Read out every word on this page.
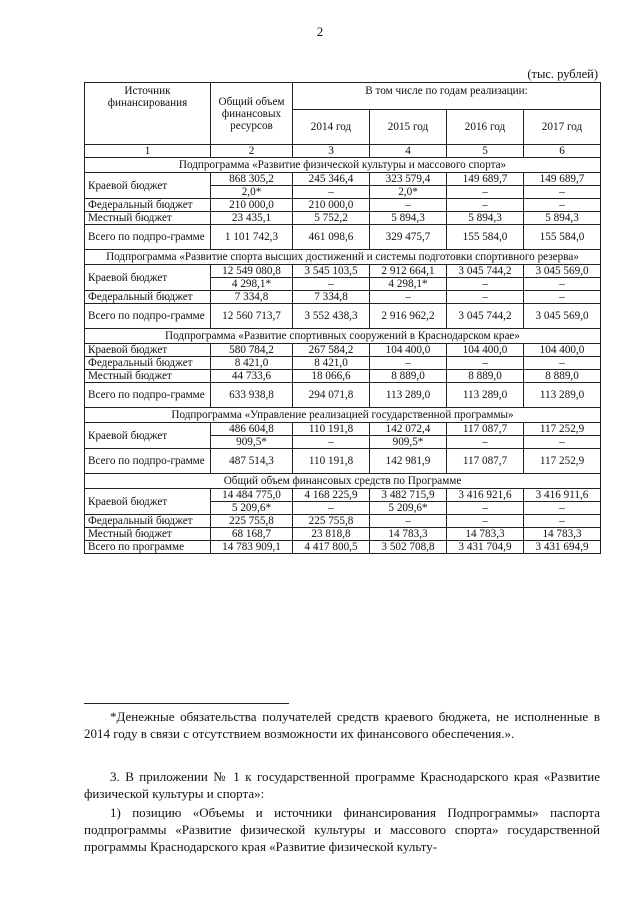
2
(тыс. рублей)
Источник финансирования	Общий объем финансовых ресурсов	В том числе по годам реализации:			
		2014 год	2015 год	2016 год	2017 год
1	2	3	4	5	6
Подпрограмма «Развитие физической культуры и массового спорта»					
Краевой бюджет	868 305,2	245 346,4	323 579,4	149 689,7	149 689,7
	2,0*	–	2,0*	–	–
Федеральный бюджет	210 000,0	210 000,0	–	–	–
Местный бюджет	23 435,1	5 752,2	5 894,3	5 894,3	5 894,3
Всего по подпро-грамме	1 101 742,3	461 098,6	329 475,7	155 584,0	155 584,0
Подпрограмма «Развитие спорта высших достижений и системы подготовки спортивного резерва»					
Краевой бюджет	12 549 080,8	3 545 103,5	2 912 664,1	3 045 744,2	3 045 569,0
	4 298,1*	–	4 298,1*	–	–
Федеральный бюджет	7 334,8	7 334,8	–	–	–
Всего по подпро-грамме	12 560 713,7	3 552 438,3	2 916 962,2	3 045 744,2	3 045 569,0
Подпрограмма «Развитие спортивных сооружений в Краснодарском крае»					
Краевой бюджет	580 784,2	267 584,2	104 400,0	104 400,0	104 400,0
Федеральный бюджет	8 421,0	8 421,0	–	–	–
Местный бюджет	44 733,6	18 066,6	8 889,0	8 889,0	8 889,0
Всего по подпро-грамме	633 938,8	294 071,8	113 289,0	113 289,0	113 289,0
Подпрограмма «Управление реализацией государственной программы»					
Краевой бюджет	486 604,8	110 191,8	142 072,4	117 087,7	117 252,9
	909,5*	–	909,5*	–	–
Всего по подпро-грамме	487 514,3	110 191,8	142 981,9	117 087,7	117 252,9
Общий объем финансовых средств по Программе					
Краевой бюджет	14 484 775,0	4 168 225,9	3 482 715,9	3 416 921,6	3 416 911,6
	5 209,6*	–	5 209,6*	–	–
Федеральный бюджет	225 755,8	225 755,8	–	–	–
Местный бюджет	68 168,7	23 818,8	14 783,3	14 783,3	14 783,3
Всего по программе	14 783 909,1	4 417 800,5	3 502 708,8	3 431 704,9	3 431 694,9

*Денежные обязательства получателей средств краевого бюджета, не исполненные в 2014 году в связи с отсутствием возможности их финансового обеспечения.».

3. В приложении № 1 к государственной программе Краснодарского края «Развитие физической культуры и спорта»:

1) позицию «Объемы и источники финансирования Подпрограммы» паспорта подпрограммы «Развитие физической культуры и массового спорта» государственной программы Краснодарского края «Развитие физической культу-
